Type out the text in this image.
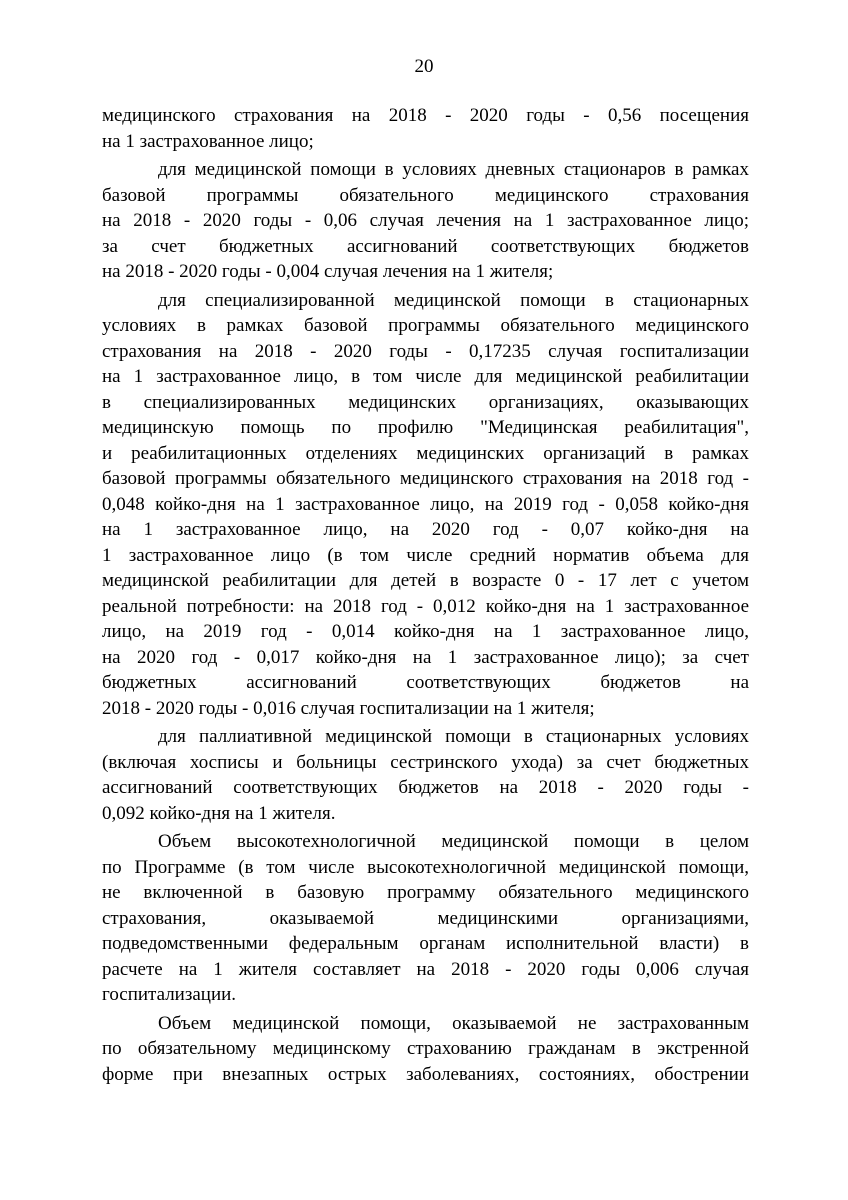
20
медицинского страхования на 2018 - 2020 годы - 0,56 посещения
на 1 застрахованное лицо;
для медицинской помощи в условиях дневных стационаров в рамках
базовой программы обязательного медицинского страхования
на 2018 - 2020 годы - 0,06 случая лечения на 1 застрахованное лицо;
за счет бюджетных ассигнований соответствующих бюджетов
на 2018 - 2020 годы - 0,004 случая лечения на 1 жителя;
для специализированной медицинской помощи в стационарных
условиях в рамках базовой программы обязательного медицинского
страхования на 2018 - 2020 годы - 0,17235 случая госпитализации
на 1 застрахованное лицо, в том числе для медицинской реабилитации
в специализированных медицинских организациях, оказывающих
медицинскую помощь по профилю "Медицинская реабилитация",
и реабилитационных отделениях медицинских организаций в рамках
базовой программы обязательного медицинского страхования на 2018 год -
0,048 койко-дня на 1 застрахованное лицо, на 2019 год - 0,058 койко-дня
на 1 застрахованное лицо, на 2020 год - 0,07 койко-дня на
1 застрахованное лицо (в том числе средний норматив объема для
медицинской реабилитации для детей в возрасте 0 - 17 лет с учетом
реальной потребности: на 2018 год - 0,012 койко-дня на 1 застрахованное
лицо, на 2019 год - 0,014 койко-дня на 1 застрахованное лицо,
на 2020 год - 0,017 койко-дня на 1 застрахованное лицо); за счет
бюджетных ассигнований соответствующих бюджетов на
2018 - 2020 годы - 0,016 случая госпитализации на 1 жителя;
для паллиативной медицинской помощи в стационарных условиях
(включая хосписы и больницы сестринского ухода) за счет бюджетных
ассигнований соответствующих бюджетов на 2018 - 2020 годы -
0,092 койко-дня на 1 жителя.
Объем высокотехнологичной медицинской помощи в целом
по Программе (в том числе высокотехнологичной медицинской помощи,
не включенной в базовую программу обязательного медицинского
страхования, оказываемой медицинскими организациями,
подведомственными федеральным органам исполнительной власти) в
расчете на 1 жителя составляет на 2018 - 2020 годы 0,006 случая
госпитализации.
Объем медицинской помощи, оказываемой не застрахованным
по обязательному медицинскому страхованию гражданам в экстренной
форме при внезапных острых заболеваниях, состояниях, обострении
